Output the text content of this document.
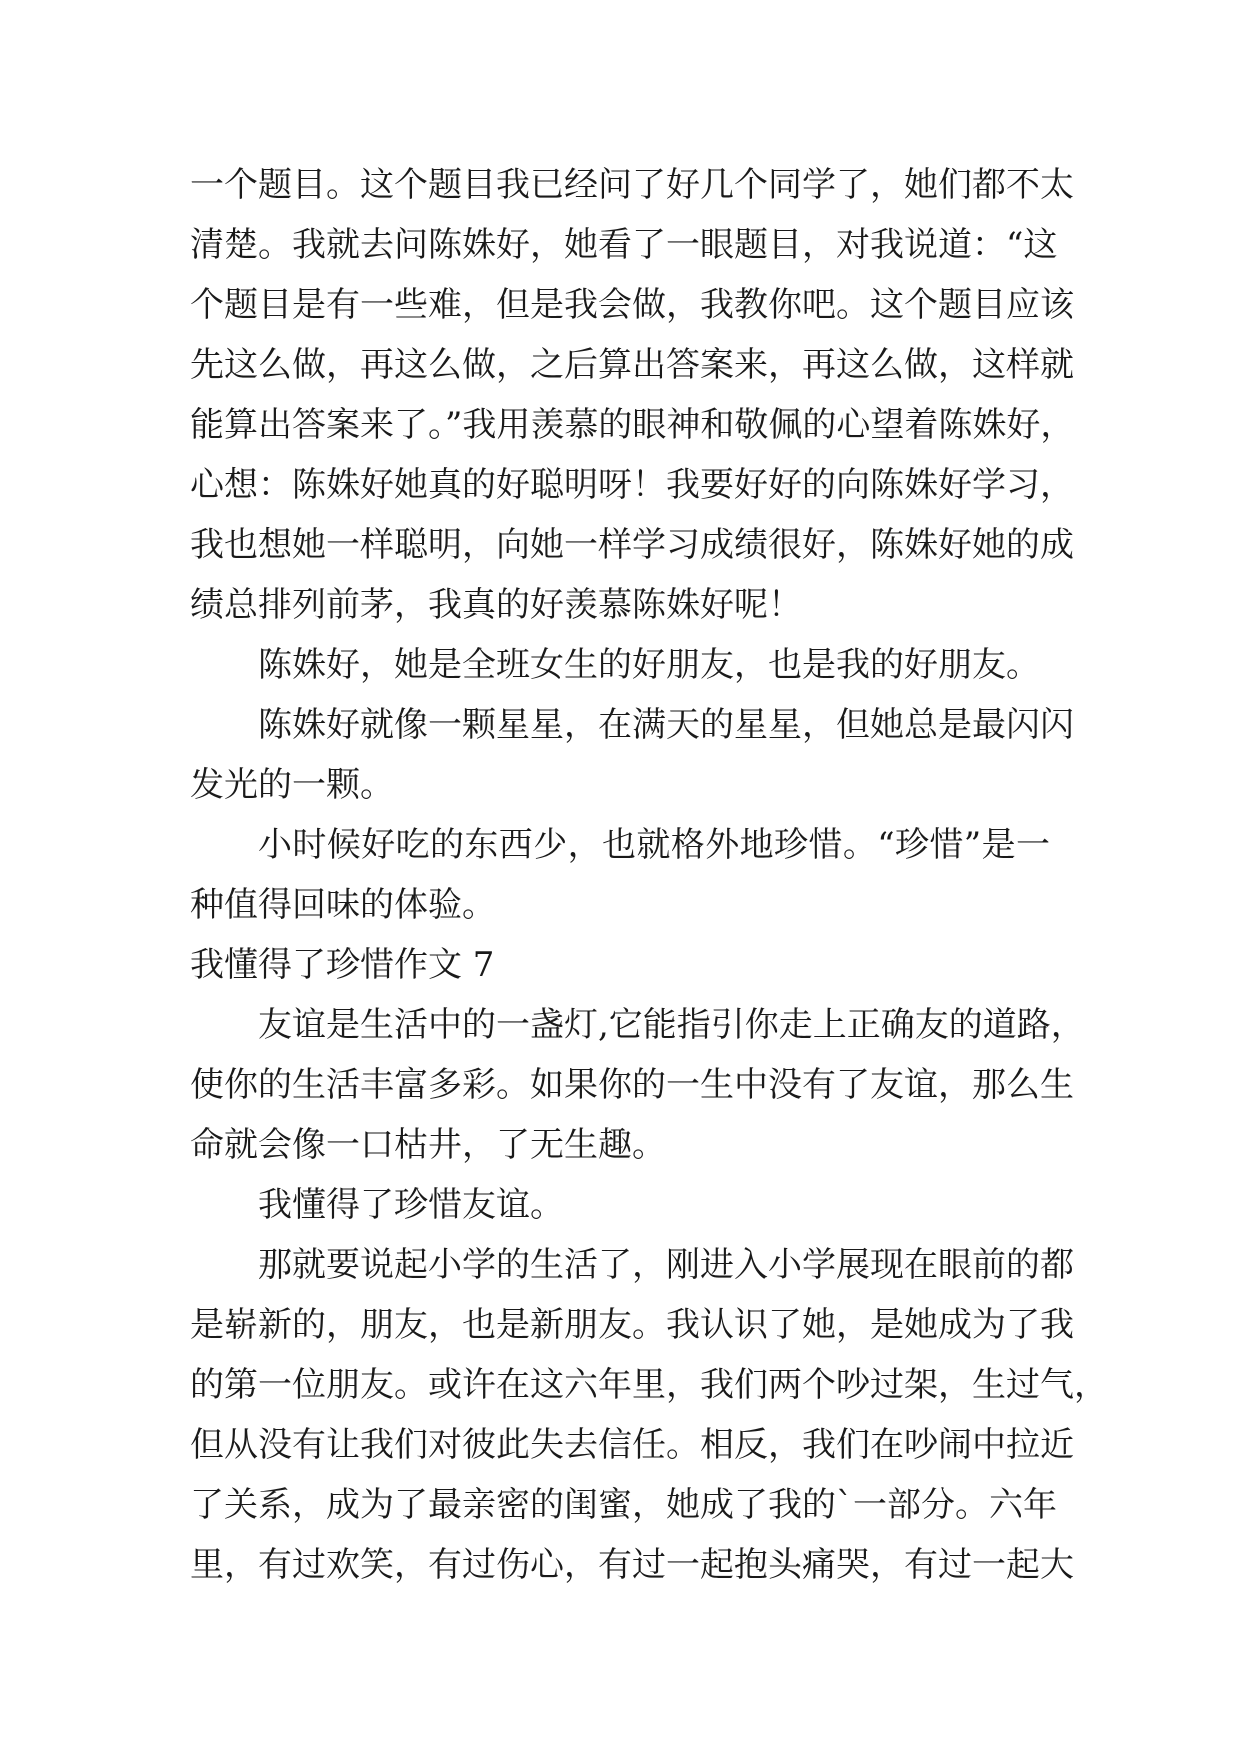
一个题目。这个题目我已经问了好几个同学了，她们都不太
清楚。我就去问陈姝好，她看了一眼题目，对我说道：“这
个题目是有一些难，但是我会做，我教你吧。这个题目应该
先这么做，再这么做，之后算出答案来，再这么做，这样就
能算出答案来了。”我用羡慕的眼神和敬佩的心望着陈姝好，
心想：陈姝好她真的好聪明呀！我要好好的向陈姝好学习，
我也想她一样聪明，向她一样学习成绩很好，陈姝好她的成
绩总排列前茅，我真的好羡慕陈姝好呢！
陈姝好，她是全班女生的好朋友，也是我的好朋友。
陈姝好就像一颗星星，在满天的星星，但她总是最闪闪
发光的一颗。
小时候好吃的东西少，也就格外地珍惜。“珍惜”是一
种值得回味的体验。
我懂得了珍惜作文 7
友谊是生活中的一盏灯,它能指引你走上正确友的道路，
使你的生活丰富多彩。如果你的一生中没有了友谊，那么生
命就会像一口枯井，了无生趣。
我懂得了珍惜友谊。
那就要说起小学的生活了，刚进入小学展现在眼前的都
是崭新的，朋友，也是新朋友。我认识了她，是她成为了我
的第一位朋友。或许在这六年里，我们两个吵过架，生过气，
但从没有让我们对彼此失去信任。相反，我们在吵闹中拉近
了关系，成为了最亲密的闺蜜，她成了我的`一部分。六年
里，有过欢笑，有过伤心，有过一起抱头痛哭，有过一起大
